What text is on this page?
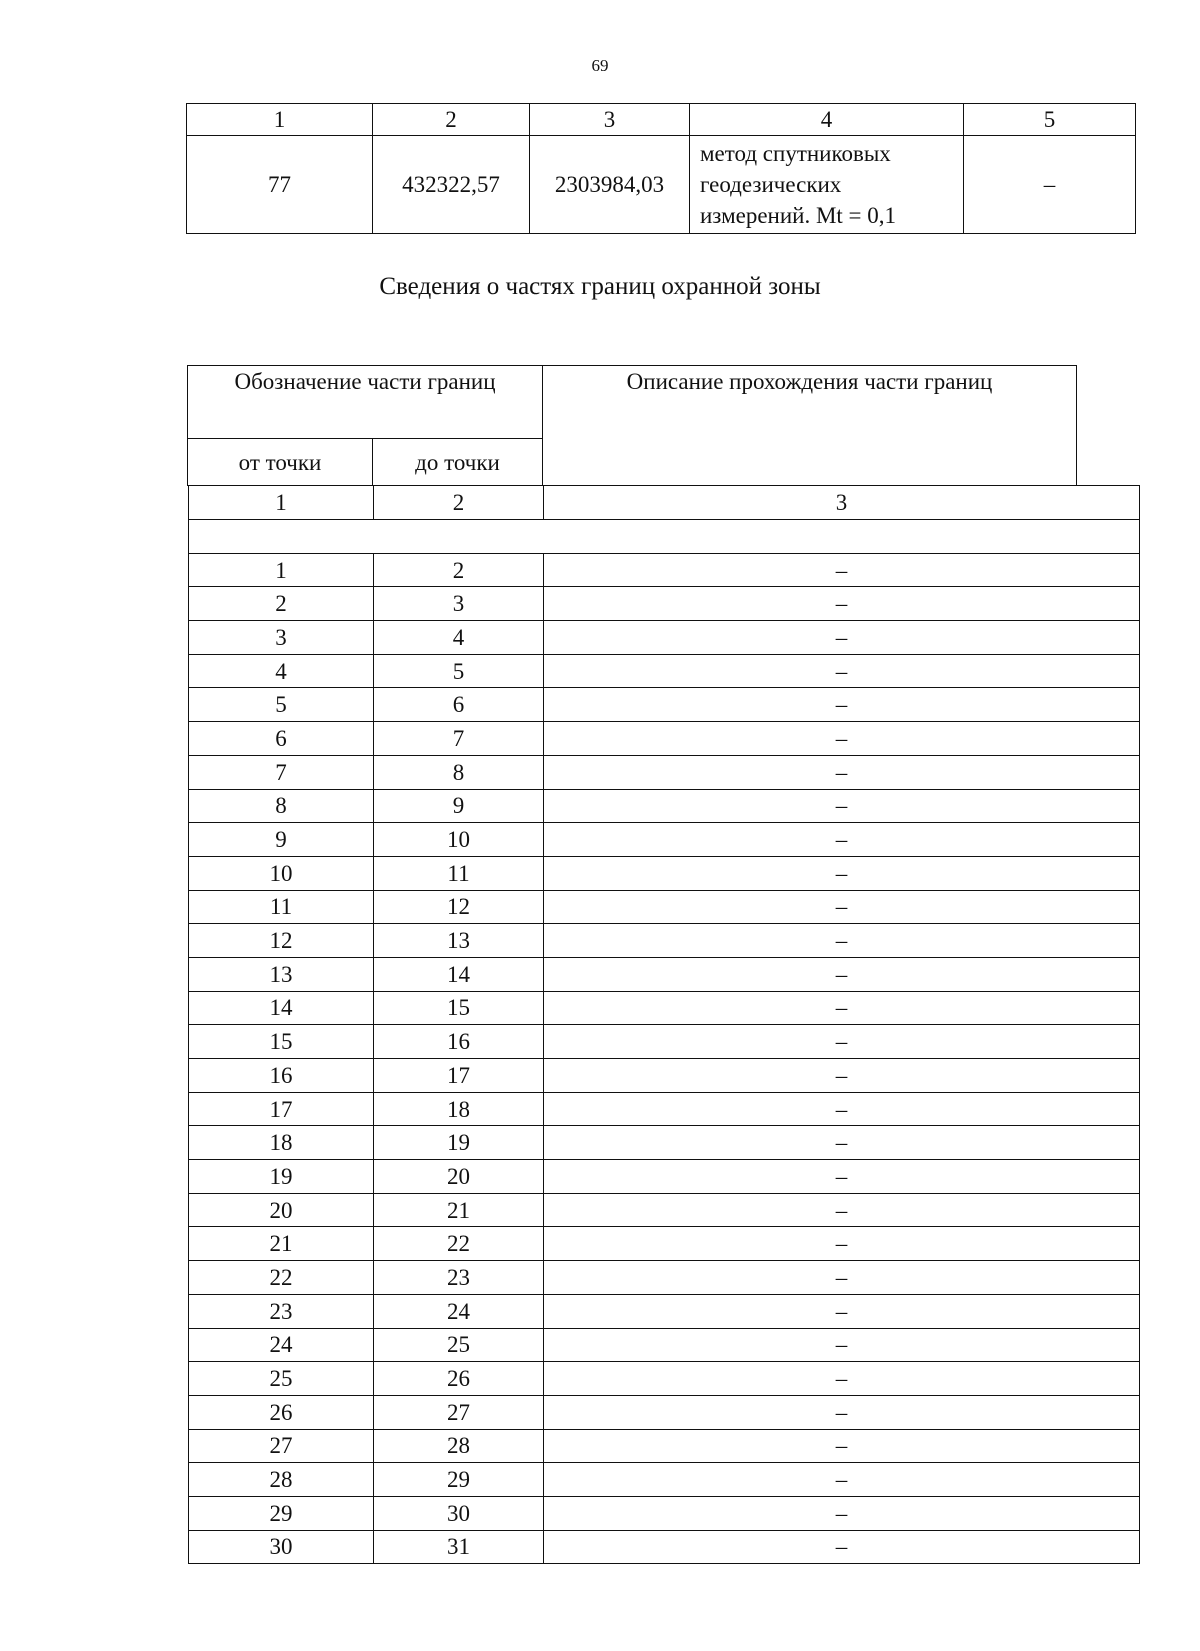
69
1	2	3	4	5
77	432322,57	2303984,03	метод спутниковых
геодезических
измерений. Mt = 0,1	–
Сведения о частях границ охранной зоны
Обозначение части границ		Описание прохождения части границ
от точки	до точки	
1	2	3

1	2	–
2	3	–
3	4	–
4	5	–
5	6	–
6	7	–
7	8	–
8	9	–
9	10	–
10	11	–
11	12	–
12	13	–
13	14	–
14	15	–
15	16	–
16	17	–
17	18	–
18	19	–
19	20	–
20	21	–
21	22	–
22	23	–
23	24	–
24	25	–
25	26	–
26	27	–
27	28	–
28	29	–
29	30	–
30	31	–
